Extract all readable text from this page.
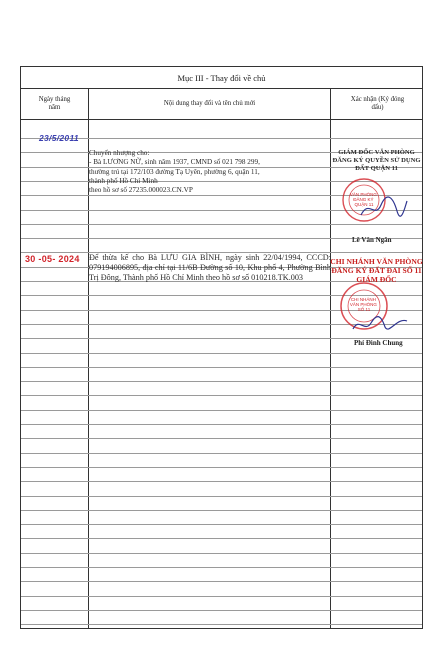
Mục III - Thay đổi về chủ
Ngày tháng năm
Nội dung thay đổi và tên chủ mới
Xác nhận (Ký đóng dấu)
23/5/2011

Chuyển nhượng cho:

- Bà LƯƠNG NỮ, sinh năm 1937, CMND số 021 798 299,

thường trú tại 172/103 đường Tạ Uyên, phường 6, quận 11,

thành phố Hồ Chí Minh

theo hồ sơ số 27235.000023.CN.VP

GIÁM ĐỐC VĂN PHÒNG ĐĂNG KÝ QUYỀN SỬ DỤNG ĐẤT QUẬN 11
VĂN PHÒNG ĐĂNG KÝ QUẬN 11
Lê Văn Ngân
30 -05- 2024 Để thừa kế cho Bà LƯU GIA BÌNH, ngày sinh 22/04/1994, CCCD: 079194006895, địa chỉ tại 11/6B Đường số 10, Khu phố 4, Phường Bình Trị Đông, Thành phố Hồ Chí Minh theo hồ sơ số 010218.TK.003
CHI NHÁNH VĂN PHÒNG ĐĂNG KÝ ĐẤT ĐAI SỐ 11
GIÁM ĐỐC
CHI NHÁNH VĂN PHÒNG SỐ 11
Phí Đình Chung
